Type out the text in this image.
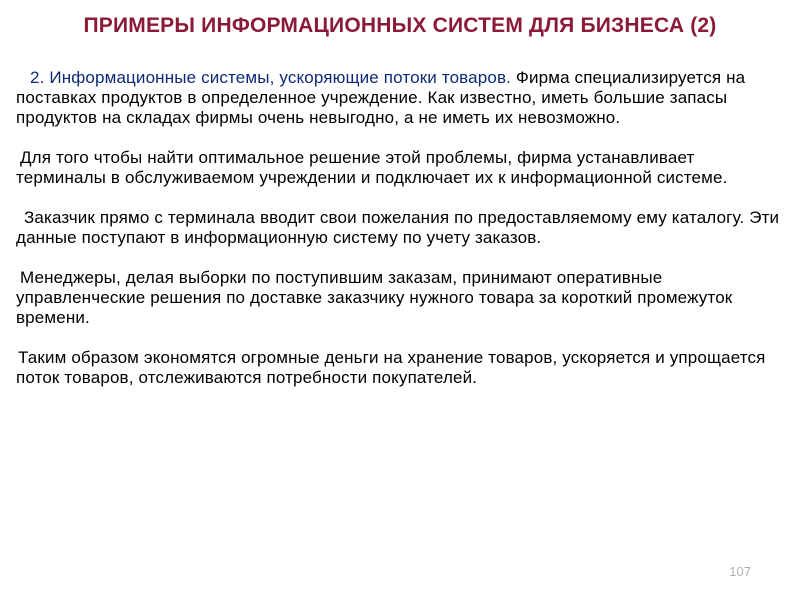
ПРИМЕРЫ ИНФОРМАЦИОННЫХ СИСТЕМ ДЛЯ БИЗНЕСА (2)

2. Информационные системы, ускоряющие потоки товаров. Фирма специализируется на поставках продуктов в определенное учреждение. Как известно, иметь большие запасы продуктов на складах фирмы очень невыгодно, а не иметь их невозможно.

Для того чтобы найти оптимальное решение этой проблемы, фирма устанавливает терминалы в обслуживаемом учреждении и подключает их к информационной системе.

Заказчик прямо с терминала вводит свои пожелания по предоставляемому ему каталогу. Эти данные поступают в информационную систему по учету заказов.

Менеджеры, делая выборки по поступившим заказам, принимают оперативные управленческие решения по доставке заказчику нужного товара за короткий промежуток времени.

Таким образом экономятся огромные деньги на хранение товаров, ускоряется и упрощается поток товаров, отслеживаются потребности покупателей.

107
